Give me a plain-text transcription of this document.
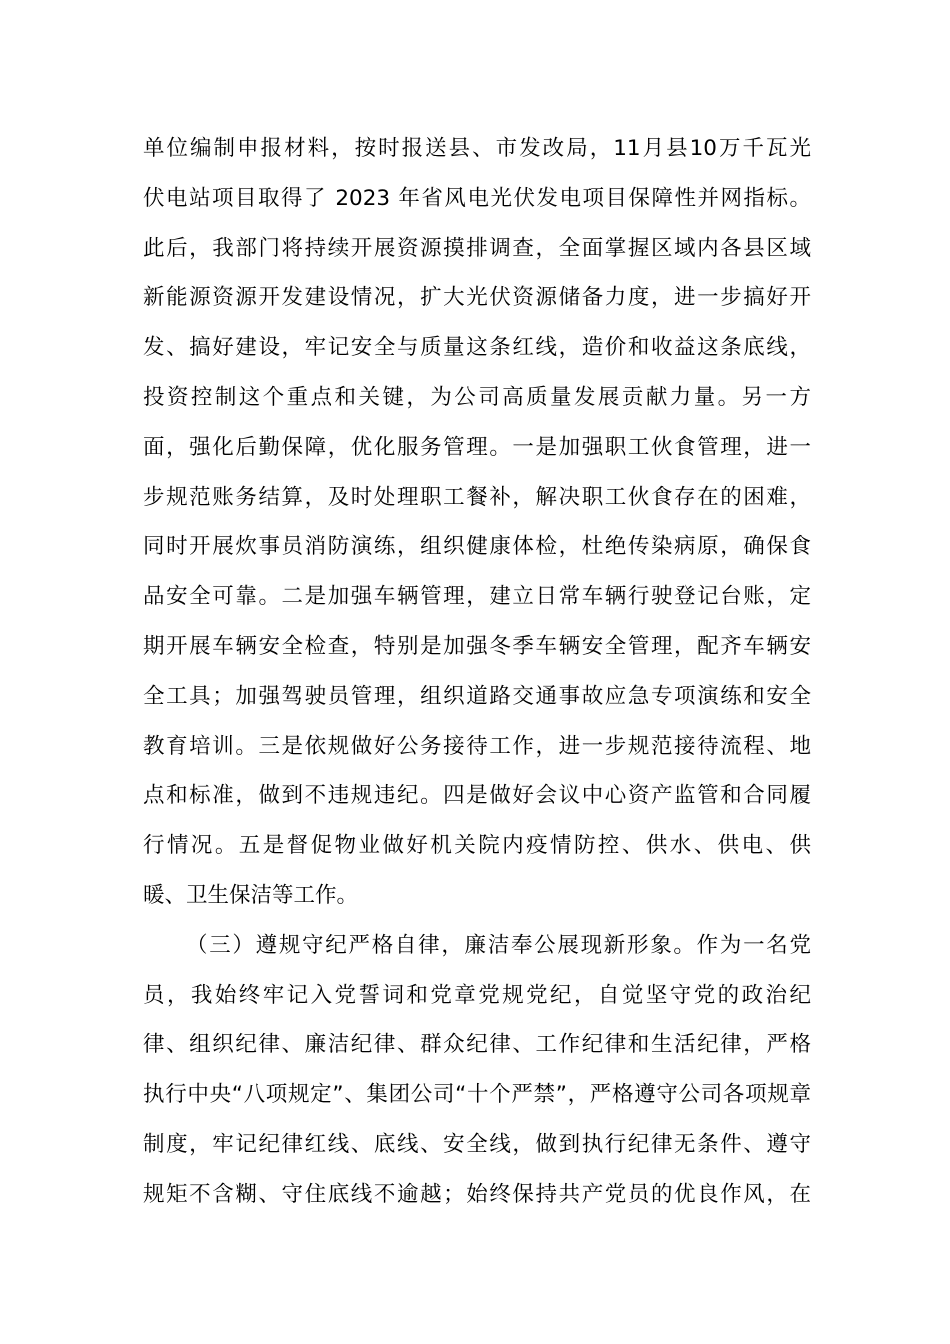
单位编制申报材料，按时报送县、市发改局，11月县10万千瓦光
伏电站项目取得了 2023 年省风电光伏发电项目保障性并网指标。
此后，我部门将持续开展资源摸排调查，全面掌握区域内各县区域
新能源资源开发建设情况，扩大光伏资源储备力度，进一步搞好开
发、搞好建设，牢记安全与质量这条红线，造价和收益这条底线，
投资控制这个重点和关键，为公司高质量发展贡献力量。另一方
面，强化后勤保障，优化服务管理。一是加强职工伙食管理，进一
步规范账务结算，及时处理职工餐补，解决职工伙食存在的困难，
同时开展炊事员消防演练，组织健康体检，杜绝传染病原，确保食
品安全可靠。二是加强车辆管理，建立日常车辆行驶登记台账，定
期开展车辆安全检查，特别是加强冬季车辆安全管理，配齐车辆安
全工具；加强驾驶员管理，组织道路交通事故应急专项演练和安全
教育培训。三是依规做好公务接待工作，进一步规范接待流程、地
点和标准，做到不违规违纪。四是做好会议中心资产监管和合同履
行情况。五是督促物业做好机关院内疫情防控、供水、供电、供
暖、卫生保洁等工作。
（三）遵规守纪严格自律，廉洁奉公展现新形象。作为一名党
员，我始终牢记入党誓词和党章党规党纪，自觉坚守党的政治纪
律、组织纪律、廉洁纪律、群众纪律、工作纪律和生活纪律，严格
执行中央“八项规定”、集团公司“十个严禁”，严格遵守公司各项规章
制度，牢记纪律红线、底线、安全线，做到执行纪律无条件、遵守
规矩不含糊、守住底线不逾越；始终保持共产党员的优良作风，在
